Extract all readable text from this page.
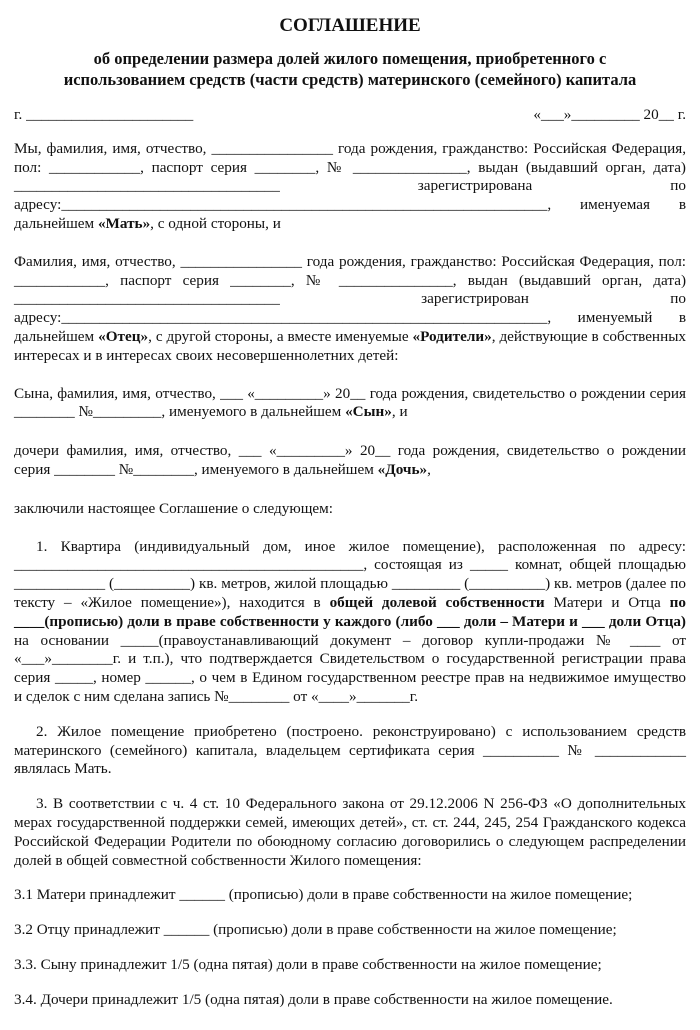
СОГЛАШЕНИЕ
об определении размера долей жилого помещения, приобретенного с
использованием средств (части средств) материнского (семейного) капитала
г. ______________________	«___»_________ 20__ г.

Мы, фамилия, имя, отчество, ________________ года рождения, гражданство: Российская Федерация, пол: ____________, паспорт серия ________, № _______________, выдан (выдавший орган, дата) ___________________________________ зарегистрирована по адресу:________________________________________________________________, именуемая в дальнейшем «Мать», с одной стороны, и

Фамилия, имя, отчество, ________________ года рождения, гражданство: Российская Федерация, пол: ____________, паспорт серия ________, № _______________, выдан (выдавший орган, дата) ___________________________________ зарегистрирован по адресу:________________________________________________________________, именуемый в дальнейшем «Отец», с другой стороны, а вместе именуемые «Родители», действующие в собственных интересах и в интересах своих несовершеннолетних детей:

Сына, фамилия, имя, отчество, ___ «_________» 20__ года рождения, свидетельство о рождении серия ________ №_________, именуемого в дальнейшем «Сын», и

дочери фамилия, имя, отчество, ___ «_________» 20__ года рождения, свидетельство о рождении серия ________ №________, именуемого в дальнейшем «Дочь»,

заключили настоящее Соглашение о следующем:

1. Квартира (индивидуальный дом, иное жилое помещение), расположенная по адресу: ______________________________________________, состоящая из _____ комнат, общей площадью ____________ (__________) кв. метров, жилой площадью _________ (__________) кв. метров (далее по тексту – «Жилое помещение»), находится в общей долевой собственности Матери и Отца по ____(прописью) доли в праве собственности у каждого (либо ___ доли – Матери и ___ доли Отца) на основании _____(правоустанавливающий документ – договор купли-продажи № ____ от «___»________г. и т.п.), что подтверждается Свидетельством о государственной регистрации права серия _____, номер ______, о чем в Едином государственном реестре прав на недвижимое имущество и сделок с ним сделана запись №________ от «____»_______г.

2. Жилое помещение приобретено (построено. реконструировано) с использованием средств материнского (семейного) капитала, владельцем сертификата серия __________ № ____________ являлась Мать.

3. В соответствии с ч. 4 ст. 10 Федерального закона от 29.12.2006 N 256-ФЗ «О дополнительных мерах государственной поддержки семей, имеющих детей», ст. ст. 244, 245, 254 Гражданского кодекса Российской Федерации Родители по обоюдному согласию договорились о следующем распределении долей в общей совместной собственности Жилого помещения:

3.1 Матери принадлежит ______ (прописью) доли в праве собственности на жилое помещение;

3.2 Отцу принадлежит ______ (прописью) доли в праве собственности на жилое помещение;

3.3. Сыну принадлежит 1/5 (одна пятая) доли в праве собственности на жилое помещение;

3.4. Дочери принадлежит 1/5 (одна пятая) доли в праве собственности на жилое помещение.
